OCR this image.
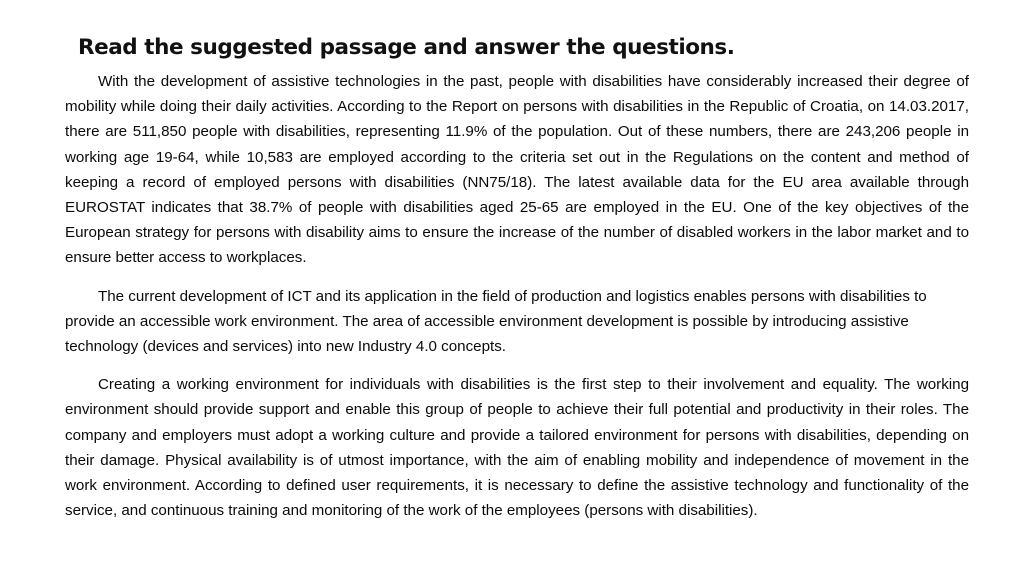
Read the suggested passage and answer the questions.

With the development of assistive technologies in the past, people with disabilities have considerably increased their degree of mobility while doing their daily activities. According to the Report on persons with disabilities in the Republic of Croatia, on 14.03.2017, there are 511,850 people with disabilities, representing 11.9% of the population. Out of these numbers, there are 243,206 people in working age 19-64, while 10,583 are employed according to the criteria set out in the Regulations on the content and method of keeping a record of employed persons with disabilities (NN75/18). The latest available data for the EU area available through EUROSTAT indicates that 38.7% of people with disabilities aged 25-65 are employed in the EU. One of the key objectives of the European strategy for persons with disability aims to ensure the increase of the number of disabled workers in the labor market and to ensure better access to workplaces.

The current development of ICT and its application in the field of production and logistics enables persons with disabilities to provide an accessible work environment. The area of accessible environment development is possible by introducing assistive technology (devices and services) into new Industry 4.0 concepts.

Creating a working environment for individuals with disabilities is the first step to their involvement and equality. The working environment should provide support and enable this group of people to achieve their full potential and productivity in their roles. The company and employers must adopt a working culture and provide a tailored environment for persons with disabilities, depending on their damage. Physical availability is of utmost importance, with the aim of enabling mobility and independence of movement in the work environment. According to defined user requirements, it is necessary to define the assistive technology and functionality of the service, and continuous training and monitoring of the work of the employees (persons with disabilities).
